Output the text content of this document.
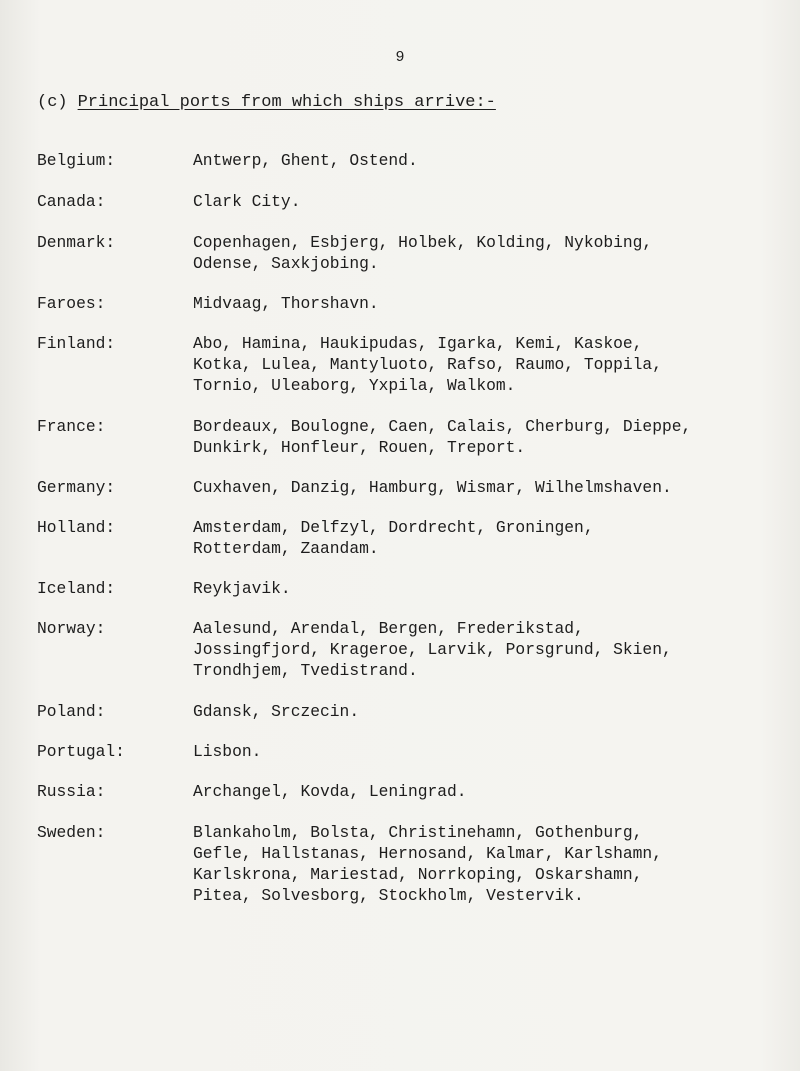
9
(c) Principal ports from which ships arrive:-
Belgium:	Antwerp, Ghent, Ostend.
Canada:	Clark City.
Denmark:	Copenhagen, Esbjerg, Holbek, Kolding, Nykobing,
Odense, Saxkjobing.
Faroes:	Midvaag, Thorshavn.
Finland:	Abo, Hamina, Haukipudas, Igarka, Kemi, Kaskoe,
Kotka, Lulea, Mantyluoto, Rafso, Raumo, Toppila,
Tornio, Uleaborg, Yxpila, Walkom.
France:	Bordeaux, Boulogne, Caen, Calais, Cherburg, Dieppe,
Dunkirk, Honfleur, Rouen, Treport.
Germany:	Cuxhaven, Danzig, Hamburg, Wismar, Wilhelmshaven.
Holland:	Amsterdam, Delfzyl, Dordrecht, Groningen,
Rotterdam, Zaandam.
Iceland:	Reykjavik.
Norway:	Aalesund, Arendal, Bergen, Frederikstad,
Jossingfjord, Krageroe, Larvik, Porsgrund, Skien,
Trondhjem, Tvedistrand.
Poland:	Gdansk, Srczecin.
Portugal:	Lisbon.
Russia:	Archangel, Kovda, Leningrad.
Sweden:	Blankaholm, Bolsta, Christinehamn, Gothenburg,
Gefle, Hallstanas, Hernosand, Kalmar, Karlshamn,
Karlskrona, Mariestad, Norrkoping, Oskarshamn,
Pitea, Solvesborg, Stockholm, Vestervik.
